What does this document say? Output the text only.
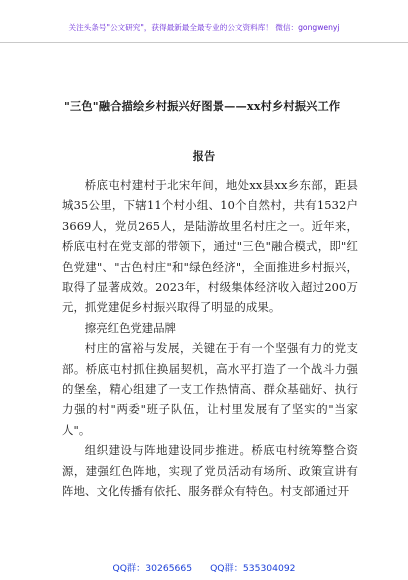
关注头条号"公文研究"，获得最新最全最专业的公文资料库！ 微信：gongwenyj
"三色"融合描绘乡村振兴好图景——xx村乡村振兴工作
报告

桥底屯村建村于北宋年间，地处xx县xx乡东部，距县城35公里，下辖11个村小组、10个自然村，共有1532户3669人，党员265人，是陆游故里名村庄之一。近年来，桥底屯村在党支部的带领下，通过"三色"融合模式，即"红色党建"、"古色村庄"和"绿色经济"，全面推进乡村振兴，取得了显著成效。2023年，村级集体经济收入超过200万元，抓党建促乡村振兴取得了明显的成果。

擦亮红色党建品牌

村庄的富裕与发展，关键在于有一个坚强有力的党支部。桥底屯村抓住换届契机，高水平打造了一个战斗力强的堡垒，精心组建了一支工作热情高、群众基础好、执行力强的村"两委"班子队伍，让村里发展有了坚实的"当家人"。

组织建设与阵地建设同步推进。桥底屯村统筹整合资源，建强红色阵地，实现了党员活动有场所、政策宣讲有阵地、文化传播有依托、服务群众有特色。村支部通过开

QQ群：30265665 QQ群：535304092
